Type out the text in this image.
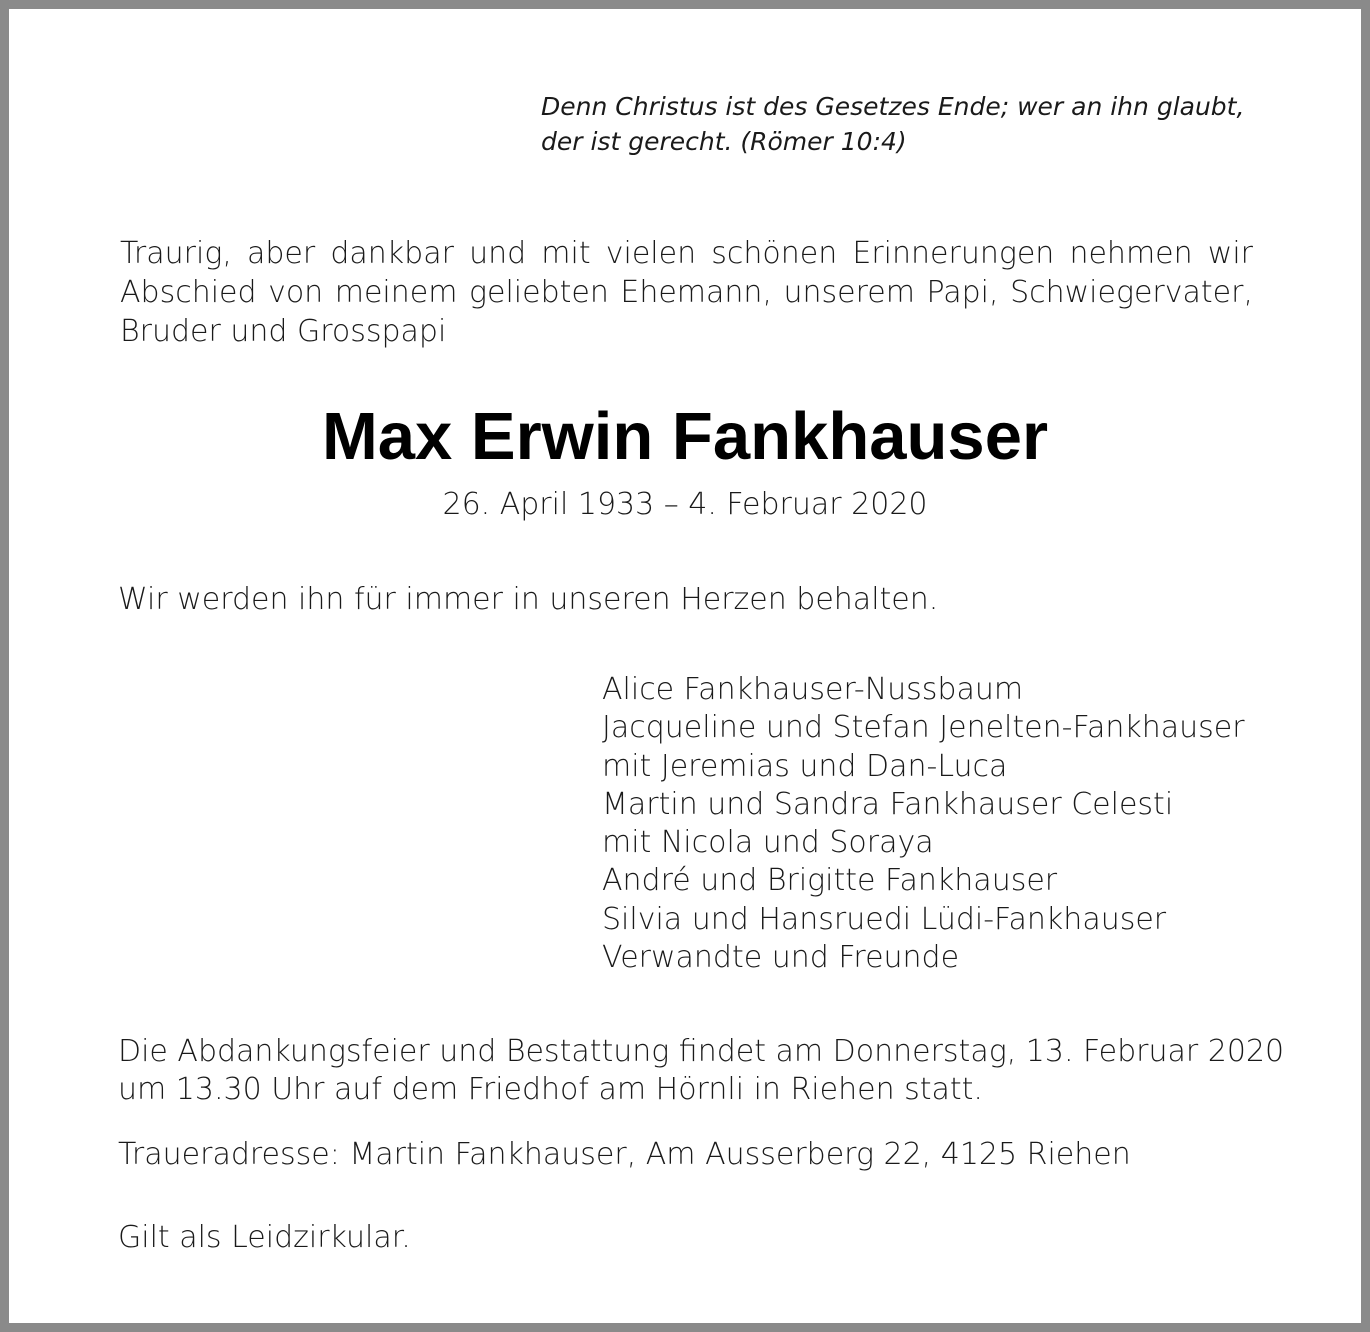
Denn Christus ist des Gesetzes Ende; wer an ihn glaubt,
der ist gerecht. (Römer 10:4)
Traurig, aber dankbar und mit vielen schönen Erinnerungen nehmen wir
Abschied von meinem geliebten Ehemann, unserem Papi, Schwiegervater,
Bruder und Grosspapi
Max Erwin Fankhauser
26. April 1933 – 4. Februar 2020
Wir werden ihn für immer in unseren Herzen behalten.
Alice Fankhauser-Nussbaum
Jacqueline und Stefan Jenelten-Fankhauser
mit Jeremias und Dan-Luca
Martin und Sandra Fankhauser Celesti
mit Nicola und Soraya
André und Brigitte Fankhauser
Silvia und Hansruedi Lüdi-Fankhauser
Verwandte und Freunde
Die Abdankungsfeier und Bestattung findet am Donnerstag, 13. Februar 2020
um 13.30 Uhr auf dem Friedhof am Hörnli in Riehen statt.
Traueradresse: Martin Fankhauser, Am Ausserberg 22, 4125 Riehen
Gilt als Leidzirkular.
